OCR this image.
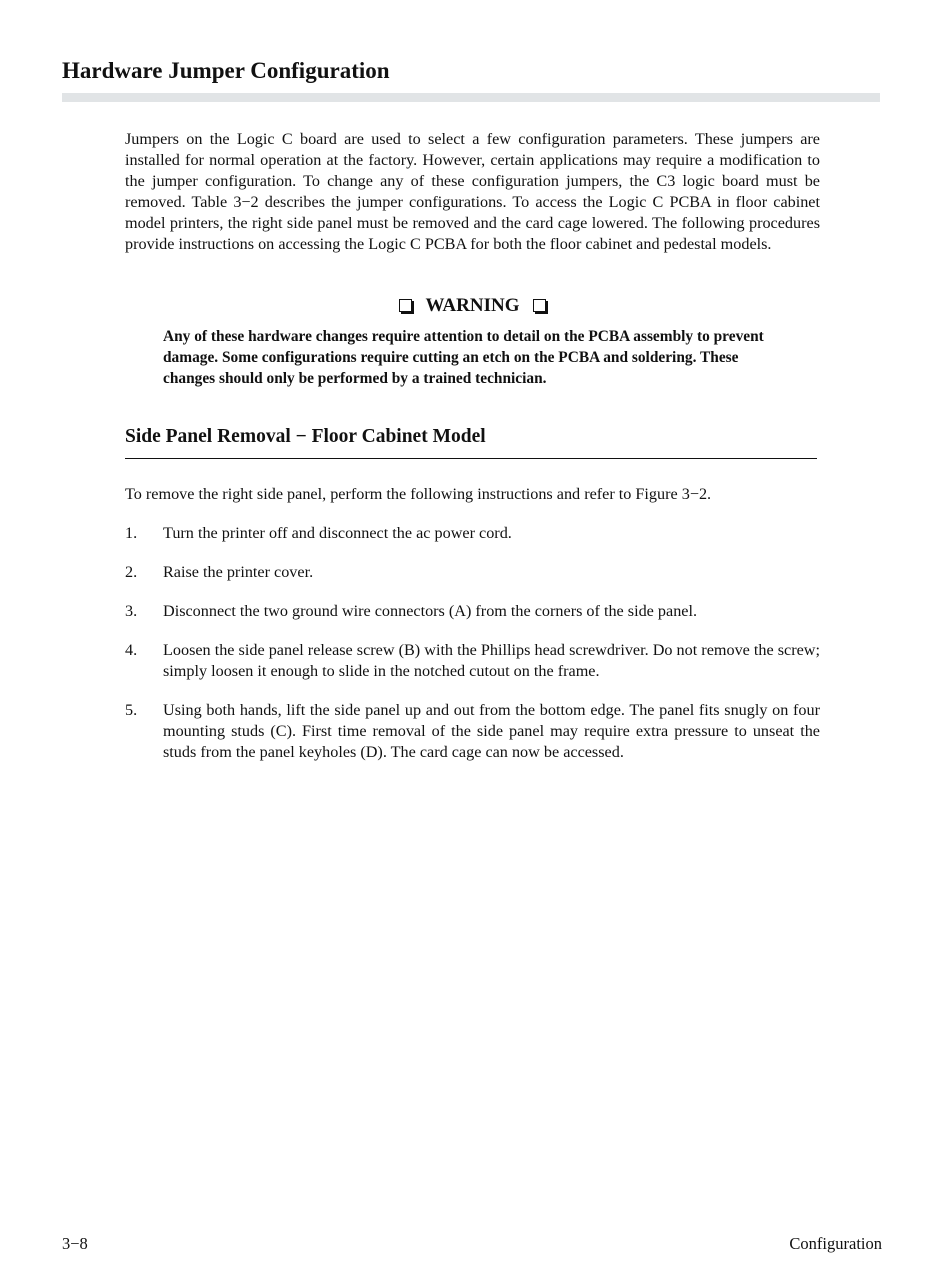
Hardware Jumper Configuration

Jumpers on the Logic C board are used to select a few configuration parameters. These jumpers are installed for normal operation at the factory. However, certain applications may require a modification to the jumper configuration. To change any of these configuration jumpers, the C3 logic board must be removed. Table 3−2 describes the jumper configurations. To access the Logic C PCBA in floor cabinet model printers, the right side panel must be removed and the card cage lowered. The following procedures provide instructions on accessing the Logic C PCBA for both the floor cabinet and pedestal models.

WARNING

Any of these hardware changes require attention to detail on the PCBA assembly to prevent damage. Some configurations require cutting an etch on the PCBA and soldering. These changes should only be performed by a trained technician.

Side Panel Removal − Floor Cabinet Model

To remove the right side panel, perform the following instructions and refer to Figure 3−2.

1. Turn the printer off and disconnect the ac power cord.
2. Raise the printer cover.
3. Disconnect the two ground wire connectors (A) from the corners of the side panel.
4. Loosen the side panel release screw (B) with the Phillips head screwdriver. Do not remove the screw; simply loosen it enough to slide in the notched cutout on the frame.
5. Using both hands, lift the side panel up and out from the bottom edge. The panel fits snugly on four mounting studs (C). First time removal of the side panel may require extra pressure to unseat the studs from the panel keyholes (D). The card cage can now be accessed.
3−8	Configuration
